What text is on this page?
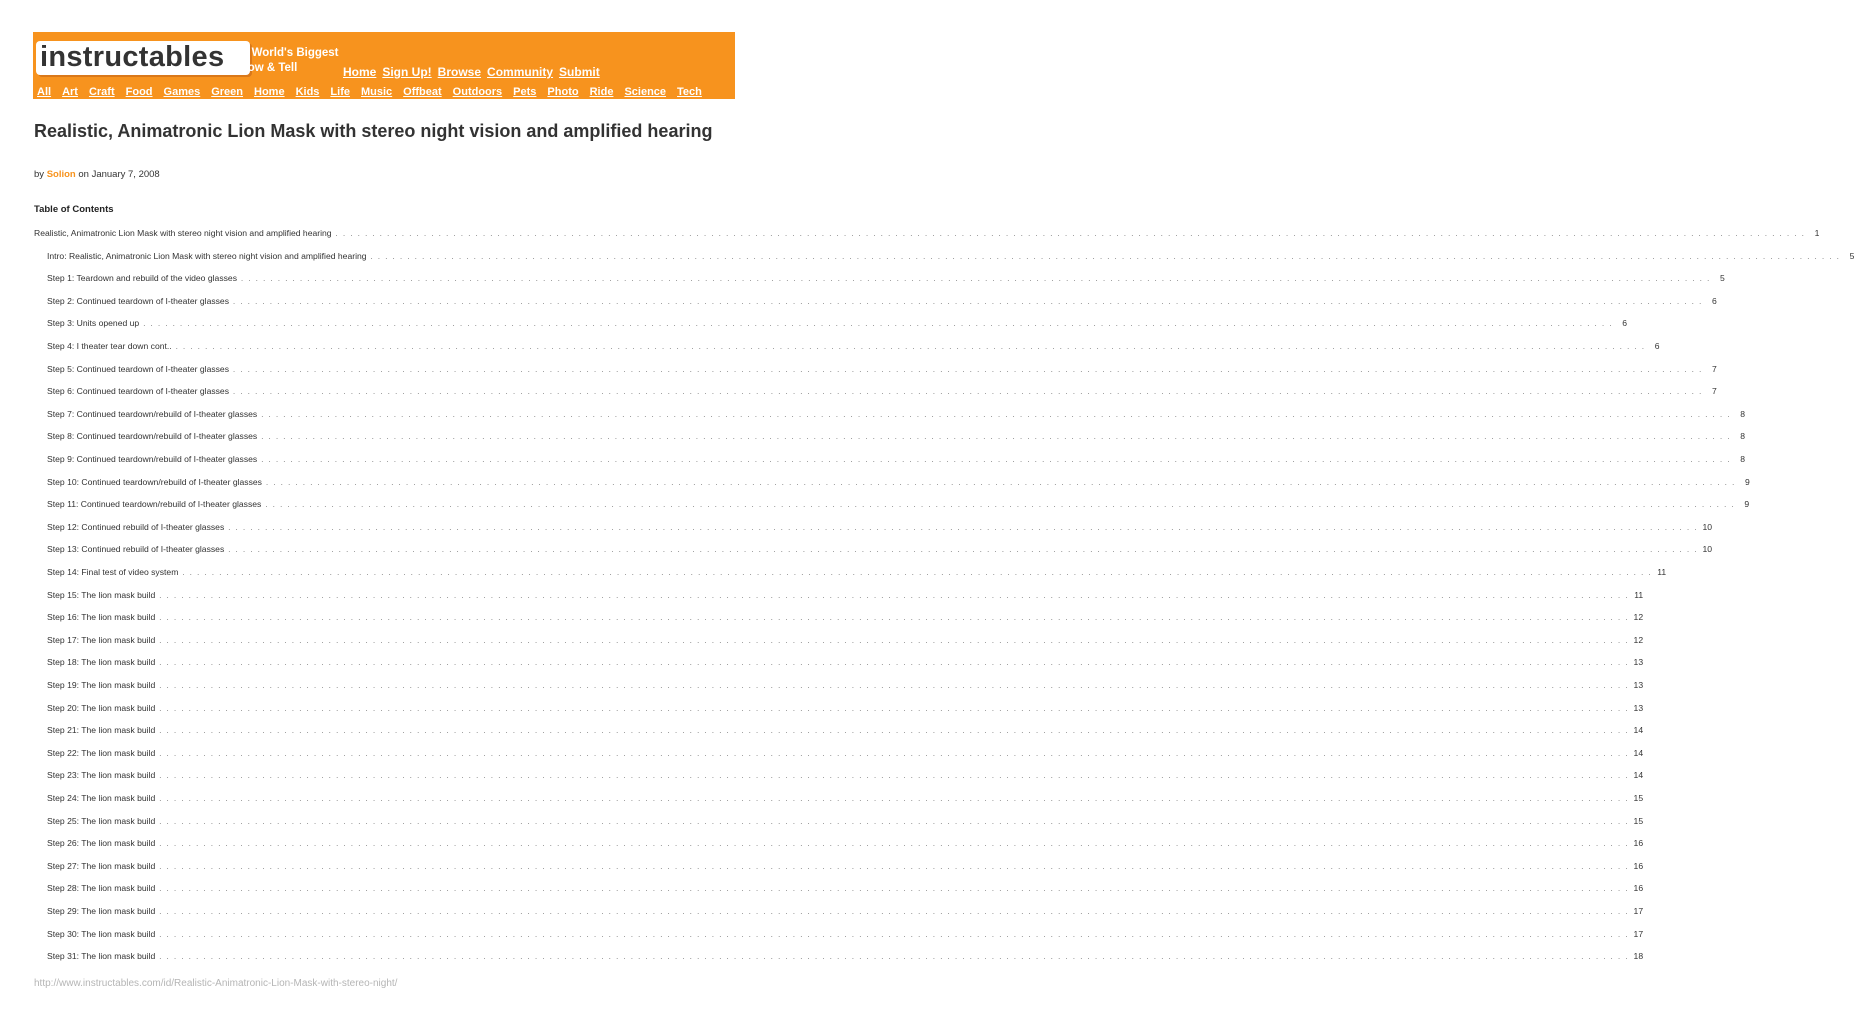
instructables The World's Biggest
Show & Tell	Home Sign Up! Browse Community Submit
All Art Craft Food Games Green Home Kids Life Music Offbeat Outdoors Pets Photo Ride Science Tech
Realistic, Animatronic Lion Mask with stereo night vision and amplified hearing
by Solion on January 7, 2008
Table of Contents
Realistic, Animatronic Lion Mask with stereo night vision and amplified hearing . . . . . . . . . . . . . . . . . . . . . . . . . . . . . . . . . . . . . . . . . . . . . . . . . . . . . . . . . . . . . . . . . . . . . . . . . . . . . . . . . . . . . . . . . . . . . . . . . . . . . . . . . . . . . . . . . . . . . . . . . . . . . . . . . . . . . . . . . . . . . . . . . . . . . . . . . . . . . . . . . . . . . . . . . . . . . . . . . . . . . . . . . . . . . . . . . . . . . . . .	1
Intro: Realistic, Animatronic Lion Mask with stereo night vision and amplified hearing . . . . . . . . . . . . . . . . . . . . . . . . . . . . . . . . . . . . . . . . . . . . . . . . . . . . . . . . . . . . . . . . . . . . . . . . . . . . . . . . . . . . . . . . . . . . . . . . . . . . . . . . . . . . . . . . . . . . . . . . . . . . . . . . . . . . . . . . . . . . . . . . . . . . . . . . . . . . . . . . . . . . . . . . . . . . . . . . . . . . . . . . . . . . . . . . . . . . . . . .	5
Step 1: Teardown and rebuild of the video glasses . . . . . . . . . . . . . . . . . . . . . . . . . . . . . . . . . . . . . . . . . . . . . . . . . . . . . . . . . . . . . . . . . . . . . . . . . . . . . . . . . . . . . . . . . . . . . . . . . . . . . . . . . . . . . . . . . . . . . . . . . . . . . . . . . . . . . . . . . . . . . . . . . . . . . . . . . . . . . . . . . . . . . . . . . . . . . . . . . . . . . . . . . . . . . . . . . . . . . . . .	5
Step 2: Continued teardown of I-theater glasses . . . . . . . . . . . . . . . . . . . . . . . . . . . . . . . . . . . . . . . . . . . . . . . . . . . . . . . . . . . . . . . . . . . . . . . . . . . . . . . . . . . . . . . . . . . . . . . . . . . . . . . . . . . . . . . . . . . . . . . . . . . . . . . . . . . . . . . . . . . . . . . . . . . . . . . . . . . . . . . . . . . . . . . . . . . . . . . . . . . . . . . . . . . . . . . . . . . . . . . .	6
Step 3: Units opened up . . . . . . . . . . . . . . . . . . . . . . . . . . . . . . . . . . . . . . . . . . . . . . . . . . . . . . . . . . . . . . . . . . . . . . . . . . . . . . . . . . . . . . . . . . . . . . . . . . . . . . . . . . . . . . . . . . . . . . . . . . . . . . . . . . . . . . . . . . . . . . . . . . . . . . . . . . . . . . . . . . . . . . . . . . . . . . . . . . . . . . . . . . . . . . . . . . . . . . . .	6
Step 4: I theater tear down cont.. . . . . . . . . . . . . . . . . . . . . . . . . . . . . . . . . . . . . . . . . . . . . . . . . . . . . . . . . . . . . . . . . . . . . . . . . . . . . . . . . . . . . . . . . . . . . . . . . . . . . . . . . . . . . . . . . . . . . . . . . . . . . . . . . . . . . . . . . . . . . . . . . . . . . . . . . . . . . . . . . . . . . . . . . . . . . . . . . . . . . . . . . . . . . . . . . . . . . . . . .	6
Step 5: Continued teardown of I-theater glasses . . . . . . . . . . . . . . . . . . . . . . . . . . . . . . . . . . . . . . . . . . . . . . . . . . . . . . . . . . . . . . . . . . . . . . . . . . . . . . . . . . . . . . . . . . . . . . . . . . . . . . . . . . . . . . . . . . . . . . . . . . . . . . . . . . . . . . . . . . . . . . . . . . . . . . . . . . . . . . . . . . . . . . . . . . . . . . . . . . . . . . . . . . . . . . . . . . . . . . . .	7
Step 6: Continued teardown of I-theater glasses . . . . . . . . . . . . . . . . . . . . . . . . . . . . . . . . . . . . . . . . . . . . . . . . . . . . . . . . . . . . . . . . . . . . . . . . . . . . . . . . . . . . . . . . . . . . . . . . . . . . . . . . . . . . . . . . . . . . . . . . . . . . . . . . . . . . . . . . . . . . . . . . . . . . . . . . . . . . . . . . . . . . . . . . . . . . . . . . . . . . . . . . . . . . . . . . . . . . . . . .	7
Step 7: Continued teardown/rebuild of I-theater glasses . . . . . . . . . . . . . . . . . . . . . . . . . . . . . . . . . . . . . . . . . . . . . . . . . . . . . . . . . . . . . . . . . . . . . . . . . . . . . . . . . . . . . . . . . . . . . . . . . . . . . . . . . . . . . . . . . . . . . . . . . . . . . . . . . . . . . . . . . . . . . . . . . . . . . . . . . . . . . . . . . . . . . . . . . . . . . . . . . . . . . . . . . . . . . . . . . . . . . . . .	8
Step 8: Continued teardown/rebuild of I-theater glasses . . . . . . . . . . . . . . . . . . . . . . . . . . . . . . . . . . . . . . . . . . . . . . . . . . . . . . . . . . . . . . . . . . . . . . . . . . . . . . . . . . . . . . . . . . . . . . . . . . . . . . . . . . . . . . . . . . . . . . . . . . . . . . . . . . . . . . . . . . . . . . . . . . . . . . . . . . . . . . . . . . . . . . . . . . . . . . . . . . . . . . . . . . . . . . . . . . . . . . . .	8
Step 9: Continued teardown/rebuild of I-theater glasses . . . . . . . . . . . . . . . . . . . . . . . . . . . . . . . . . . . . . . . . . . . . . . . . . . . . . . . . . . . . . . . . . . . . . . . . . . . . . . . . . . . . . . . . . . . . . . . . . . . . . . . . . . . . . . . . . . . . . . . . . . . . . . . . . . . . . . . . . . . . . . . . . . . . . . . . . . . . . . . . . . . . . . . . . . . . . . . . . . . . . . . . . . . . . . . . . . . . . . . .	8
Step 10: Continued teardown/rebuild of I-theater glasses . . . . . . . . . . . . . . . . . . . . . . . . . . . . . . . . . . . . . . . . . . . . . . . . . . . . . . . . . . . . . . . . . . . . . . . . . . . . . . . . . . . . . . . . . . . . . . . . . . . . . . . . . . . . . . . . . . . . . . . . . . . . . . . . . . . . . . . . . . . . . . . . . . . . . . . . . . . . . . . . . . . . . . . . . . . . . . . . . . . . . . . . . . . . . . . . . . . . . . . .	9
Step 11: Continued teardown/rebuild of I-theater glasses . . . . . . . . . . . . . . . . . . . . . . . . . . . . . . . . . . . . . . . . . . . . . . . . . . . . . . . . . . . . . . . . . . . . . . . . . . . . . . . . . . . . . . . . . . . . . . . . . . . . . . . . . . . . . . . . . . . . . . . . . . . . . . . . . . . . . . . . . . . . . . . . . . . . . . . . . . . . . . . . . . . . . . . . . . . . . . . . . . . . . . . . . . . . . . . . . . . . . . . .	9
Step 12: Continued rebuild of I-theater glasses . . . . . . . . . . . . . . . . . . . . . . . . . . . . . . . . . . . . . . . . . . . . . . . . . . . . . . . . . . . . . . . . . . . . . . . . . . . . . . . . . . . . . . . . . . . . . . . . . . . . . . . . . . . . . . . . . . . . . . . . . . . . . . . . . . . . . . . . . . . . . . . . . . . . . . . . . . . . . . . . . . . . . . . . . . . . . . . . . . . . . . . . . . . . . . . . . . . . . . . . 10
Step 13: Continued rebuild of I-theater glasses . . . . . . . . . . . . . . . . . . . . . . . . . . . . . . . . . . . . . . . . . . . . . . . . . . . . . . . . . . . . . . . . . . . . . . . . . . . . . . . . . . . . . . . . . . . . . . . . . . . . . . . . . . . . . . . . . . . . . . . . . . . . . . . . . . . . . . . . . . . . . . . . . . . . . . . . . . . . . . . . . . . . . . . . . . . . . . . . . . . . . . . . . . . . . . . . . . . . . . . . 10
Step 14: Final test of video system . . . . . . . . . . . . . . . . . . . . . . . . . . . . . . . . . . . . . . . . . . . . . . . . . . . . . . . . . . . . . . . . . . . . . . . . . . . . . . . . . . . . . . . . . . . . . . . . . . . . . . . . . . . . . . . . . . . . . . . . . . . . . . . . . . . . . . . . . . . . . . . . . . . . . . . . . . . . . . . . . . . . . . . . . . . . . . . . . . . . . . . . . . . . . . . . . . . . . . . . 11
Step 15: The lion mask build . . . . . . . . . . . . . . . . . . . . . . . . . . . . . . . . . . . . . . . . . . . . . . . . . . . . . . . . . . . . . . . . . . . . . . . . . . . . . . . . . . . . . . . . . . . . . . . . . . . . . . . . . . . . . . . . . . . . . . . . . . . . . . . . . . . . . . . . . . . . . . . . . . . . . . . . . . . . . . . . . . . . . . . . . . . . . . . . . . . . . . . . . . . . . . . . . . . . . . . . 11
Step 16: The lion mask build . . . . . . . . . . . . . . . . . . . . . . . . . . . . . . . . . . . . . . . . . . . . . . . . . . . . . . . . . . . . . . . . . . . . . . . . . . . . . . . . . . . . . . . . . . . . . . . . . . . . . . . . . . . . . . . . . . . . . . . . . . . . . . . . . . . . . . . . . . . . . . . . . . . . . . . . . . . . . . . . . . . . . . . . . . . . . . . . . . . . . . . . . . . . . . . . . . . . . . . . 12
Step 17: The lion mask build . . . . . . . . . . . . . . . . . . . . . . . . . . . . . . . . . . . . . . . . . . . . . . . . . . . . . . . . . . . . . . . . . . . . . . . . . . . . . . . . . . . . . . . . . . . . . . . . . . . . . . . . . . . . . . . . . . . . . . . . . . . . . . . . . . . . . . . . . . . . . . . . . . . . . . . . . . . . . . . . . . . . . . . . . . . . . . . . . . . . . . . . . . . . . . . . . . . . . . . . 12
Step 18: The lion mask build . . . . . . . . . . . . . . . . . . . . . . . . . . . . . . . . . . . . . . . . . . . . . . . . . . . . . . . . . . . . . . . . . . . . . . . . . . . . . . . . . . . . . . . . . . . . . . . . . . . . . . . . . . . . . . . . . . . . . . . . . . . . . . . . . . . . . . . . . . . . . . . . . . . . . . . . . . . . . . . . . . . . . . . . . . . . . . . . . . . . . . . . . . . . . . . . . . . . . . . . 13
Step 19: The lion mask build . . . . . . . . . . . . . . . . . . . . . . . . . . . . . . . . . . . . . . . . . . . . . . . . . . . . . . . . . . . . . . . . . . . . . . . . . . . . . . . . . . . . . . . . . . . . . . . . . . . . . . . . . . . . . . . . . . . . . . . . . . . . . . . . . . . . . . . . . . . . . . . . . . . . . . . . . . . . . . . . . . . . . . . . . . . . . . . . . . . . . . . . . . . . . . . . . . . . . . . . 13
Step 20: The lion mask build . . . . . . . . . . . . . . . . . . . . . . . . . . . . . . . . . . . . . . . . . . . . . . . . . . . . . . . . . . . . . . . . . . . . . . . . . . . . . . . . . . . . . . . . . . . . . . . . . . . . . . . . . . . . . . . . . . . . . . . . . . . . . . . . . . . . . . . . . . . . . . . . . . . . . . . . . . . . . . . . . . . . . . . . . . . . . . . . . . . . . . . . . . . . . . . . . . . . . . . . 13
Step 21: The lion mask build . . . . . . . . . . . . . . . . . . . . . . . . . . . . . . . . . . . . . . . . . . . . . . . . . . . . . . . . . . . . . . . . . . . . . . . . . . . . . . . . . . . . . . . . . . . . . . . . . . . . . . . . . . . . . . . . . . . . . . . . . . . . . . . . . . . . . . . . . . . . . . . . . . . . . . . . . . . . . . . . . . . . . . . . . . . . . . . . . . . . . . . . . . . . . . . . . . . . . . . . 14
Step 22: The lion mask build . . . . . . . . . . . . . . . . . . . . . . . . . . . . . . . . . . . . . . . . . . . . . . . . . . . . . . . . . . . . . . . . . . . . . . . . . . . . . . . . . . . . . . . . . . . . . . . . . . . . . . . . . . . . . . . . . . . . . . . . . . . . . . . . . . . . . . . . . . . . . . . . . . . . . . . . . . . . . . . . . . . . . . . . . . . . . . . . . . . . . . . . . . . . . . . . . . . . . . . . 14
Step 23: The lion mask build . . . . . . . . . . . . . . . . . . . . . . . . . . . . . . . . . . . . . . . . . . . . . . . . . . . . . . . . . . . . . . . . . . . . . . . . . . . . . . . . . . . . . . . . . . . . . . . . . . . . . . . . . . . . . . . . . . . . . . . . . . . . . . . . . . . . . . . . . . . . . . . . . . . . . . . . . . . . . . . . . . . . . . . . . . . . . . . . . . . . . . . . . . . . . . . . . . . . . . . . 14
Step 24: The lion mask build . . . . . . . . . . . . . . . . . . . . . . . . . . . . . . . . . . . . . . . . . . . . . . . . . . . . . . . . . . . . . . . . . . . . . . . . . . . . . . . . . . . . . . . . . . . . . . . . . . . . . . . . . . . . . . . . . . . . . . . . . . . . . . . . . . . . . . . . . . . . . . . . . . . . . . . . . . . . . . . . . . . . . . . . . . . . . . . . . . . . . . . . . . . . . . . . . . . . . . . . 15
Step 25: The lion mask build . . . . . . . . . . . . . . . . . . . . . . . . . . . . . . . . . . . . . . . . . . . . . . . . . . . . . . . . . . . . . . . . . . . . . . . . . . . . . . . . . . . . . . . . . . . . . . . . . . . . . . . . . . . . . . . . . . . . . . . . . . . . . . . . . . . . . . . . . . . . . . . . . . . . . . . . . . . . . . . . . . . . . . . . . . . . . . . . . . . . . . . . . . . . . . . . . . . . . . . . 15
Step 26: The lion mask build . . . . . . . . . . . . . . . . . . . . . . . . . . . . . . . . . . . . . . . . . . . . . . . . . . . . . . . . . . . . . . . . . . . . . . . . . . . . . . . . . . . . . . . . . . . . . . . . . . . . . . . . . . . . . . . . . . . . . . . . . . . . . . . . . . . . . . . . . . . . . . . . . . . . . . . . . . . . . . . . . . . . . . . . . . . . . . . . . . . . . . . . . . . . . . . . . . . . . . . . 16
Step 27: The lion mask build . . . . . . . . . . . . . . . . . . . . . . . . . . . . . . . . . . . . . . . . . . . . . . . . . . . . . . . . . . . . . . . . . . . . . . . . . . . . . . . . . . . . . . . . . . . . . . . . . . . . . . . . . . . . . . . . . . . . . . . . . . . . . . . . . . . . . . . . . . . . . . . . . . . . . . . . . . . . . . . . . . . . . . . . . . . . . . . . . . . . . . . . . . . . . . . . . . . . . . . . 16
Step 28: The lion mask build . . . . . . . . . . . . . . . . . . . . . . . . . . . . . . . . . . . . . . . . . . . . . . . . . . . . . . . . . . . . . . . . . . . . . . . . . . . . . . . . . . . . . . . . . . . . . . . . . . . . . . . . . . . . . . . . . . . . . . . . . . . . . . . . . . . . . . . . . . . . . . . . . . . . . . . . . . . . . . . . . . . . . . . . . . . . . . . . . . . . . . . . . . . . . . . . . . . . . . . . 16
Step 29: The lion mask build . . . . . . . . . . . . . . . . . . . . . . . . . . . . . . . . . . . . . . . . . . . . . . . . . . . . . . . . . . . . . . . . . . . . . . . . . . . . . . . . . . . . . . . . . . . . . . . . . . . . . . . . . . . . . . . . . . . . . . . . . . . . . . . . . . . . . . . . . . . . . . . . . . . . . . . . . . . . . . . . . . . . . . . . . . . . . . . . . . . . . . . . . . . . . . . . . . . . . . . . 17
Step 30: The lion mask build . . . . . . . . . . . . . . . . . . . . . . . . . . . . . . . . . . . . . . . . . . . . . . . . . . . . . . . . . . . . . . . . . . . . . . . . . . . . . . . . . . . . . . . . . . . . . . . . . . . . . . . . . . . . . . . . . . . . . . . . . . . . . . . . . . . . . . . . . . . . . . . . . . . . . . . . . . . . . . . . . . . . . . . . . . . . . . . . . . . . . . . . . . . . . . . . . . . . . . . . 17
Step 31: The lion mask build . . . . . . . . . . . . . . . . . . . . . . . . . . . . . . . . . . . . . . . . . . . . . . . . . . . . . . . . . . . . . . . . . . . . . . . . . . . . . . . . . . . . . . . . . . . . . . . . . . . . . . . . . . . . . . . . . . . . . . . . . . . . . . . . . . . . . . . . . . . . . . . . . . . . . . . . . . . . . . . . . . . . . . . . . . . . . . . . . . . . . . . . . . . . . . . . . . . . . . . . 18
http://www.instructables.com/id/Realistic-Animatronic-Lion-Mask-with-stereo-night/
